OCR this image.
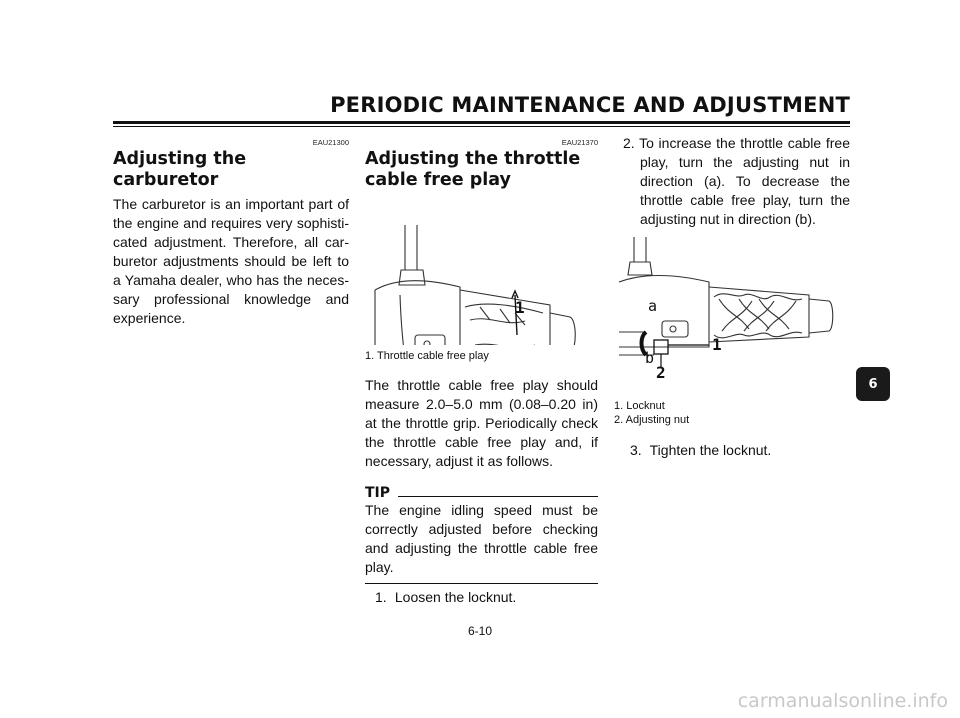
PERIODIC MAINTENANCE AND ADJUSTMENT
EAU21300
Adjusting the carburetor

The carburetor is an important part of the engine and requires very sophisti- cated adjustment. Therefore, all car- buretor adjustments should be left to a Yamaha dealer, who has the neces- sary professional knowledge and experience.

EAU21370
Adjusting the throttle cable free play
1

1. Throttle cable free play

The throttle cable free play should measure 2.0–5.0 mm (0.08–0.20 in) at the throttle grip. Periodically check the throttle cable free play and, if necessary, adjust it as follows.

TIP

The engine idling speed must be correctly adjusted before checking and adjusting the throttle cable free play.

1. Loosen the locknut.

2. To increase the throttle cable free play, turn the adjusting nut in direction (a). To decrease the throttle cable free play, turn the adjusting nut in direction (b).

a
b
1
2

1. Locknut

2. Adjusting nut

3. Tighten the locknut.

6
6-10
carmanualsonline.info
